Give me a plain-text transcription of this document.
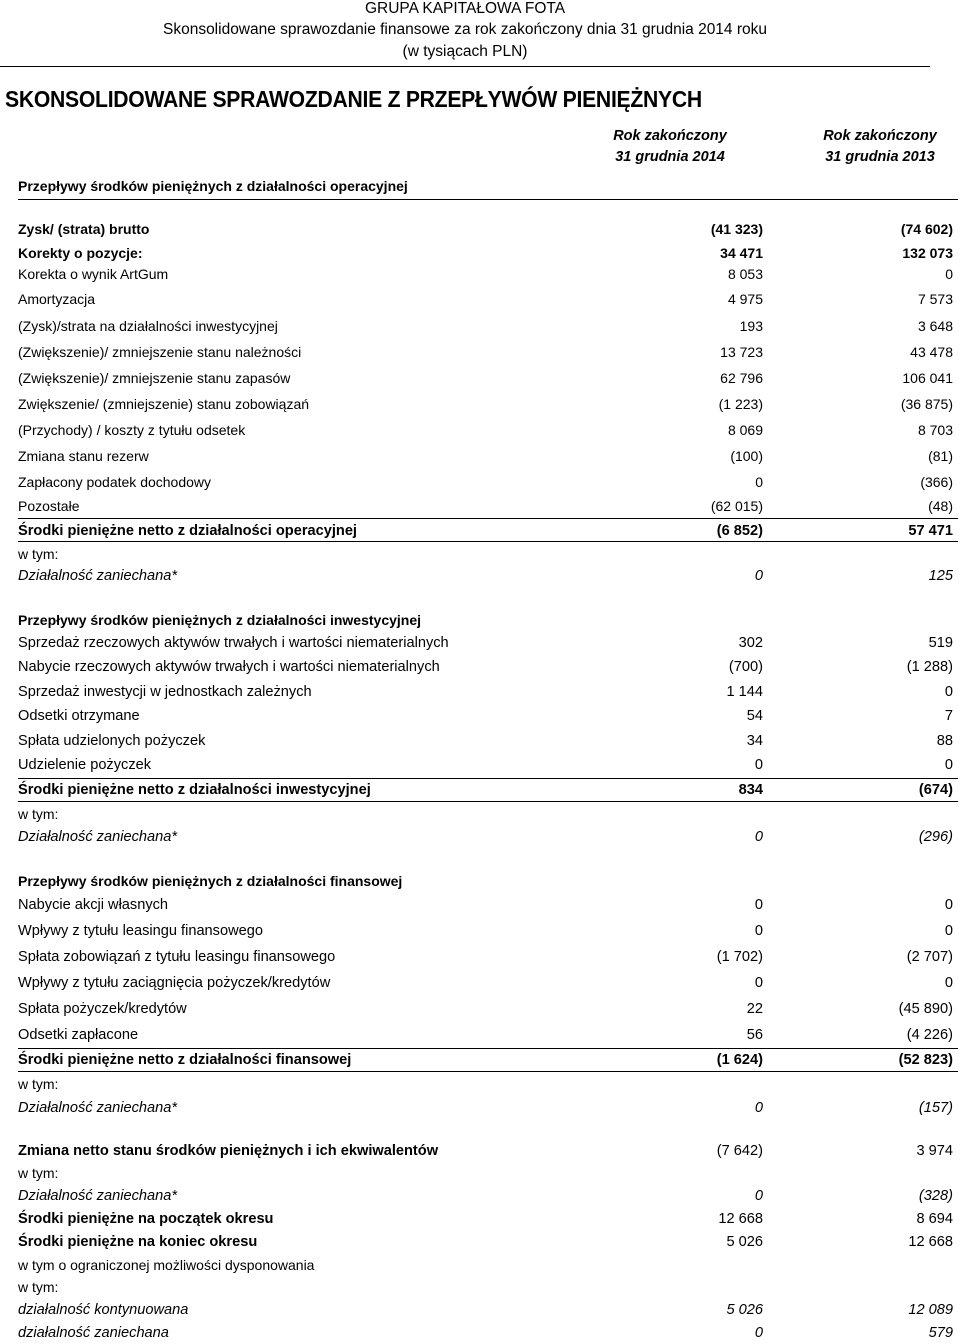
GRUPA KAPITAŁOWA FOTA
Skonsolidowane sprawozdanie finansowe za rok zakończony dnia 31 grudnia 2014 roku
(w tysiącach PLN)
SKONSOLIDOWANE SPRAWOZDANIE Z PRZEPŁYWÓW PIENIĘŻNYCH
Rok zakończony
31 grudnia 2014
Rok zakończony
31 grudnia 2013
Przepływy środków pieniężnych z działalności operacyjnej
Zysk/ (strata) brutto	(41 323)	(74 602)
Korekty o pozycje:	34 471	132 073
Korekta o wynik ArtGum	8 053	0
Amortyzacja	4 975	7 573
(Zysk)/strata na działalności inwestycyjnej	193	3 648
(Zwiększenie)/ zmniejszenie stanu należności	13 723	43 478
(Zwiększenie)/ zmniejszenie stanu zapasów	62 796	106 041
Zwiększenie/ (zmniejszenie) stanu zobowiązań	(1 223)	(36 875)
(Przychody) / koszty z tytułu odsetek	8 069	8 703
Zmiana stanu rezerw	(100)	(81)
Zapłacony podatek dochodowy	0	(366)
Pozostałe	(62 015)	(48)
Środki pieniężne netto z działalności operacyjnej	(6 852)	57 471
w tym:
Działalność zaniechana*	0	125
Przepływy środków pieniężnych z działalności inwestycyjnej
Sprzedaż rzeczowych aktywów trwałych i wartości niematerialnych	302	519
Nabycie rzeczowych aktywów trwałych i wartości niematerialnych	(700)	(1 288)
Sprzedaż inwestycji w jednostkach zależnych	1 144	0
Odsetki otrzymane	54	7
Spłata udzielonych pożyczek	34	88
Udzielenie pożyczek	0	0
Środki pieniężne netto z działalności inwestycyjnej	834	(674)
w tym:
Działalność zaniechana*	0	(296)
Przepływy środków pieniężnych z działalności finansowej
Nabycie akcji własnych	0	0
Wpływy z tytułu leasingu finansowego	0	0
Spłata zobowiązań z tytułu leasingu finansowego	(1 702)	(2 707)
Wpływy z tytułu zaciągnięcia pożyczek/kredytów	0	0
Spłata pożyczek/kredytów	22	(45 890)
Odsetki zapłacone	56	(4 226)
Środki pieniężne netto z działalności finansowej	(1 624)	(52 823)
w tym:
Działalność zaniechana*	0	(157)
Zmiana netto stanu środków pieniężnych i ich ekwiwalentów	(7 642)	3 974
w tym:
Działalność zaniechana*	0	(328)
Środki pieniężne na początek okresu	12 668	8 694
Środki pieniężne na koniec okresu	5 026	12 668
w tym o ograniczonej możliwości dysponowania
w tym:
działalność kontynuowana	5 026	12 089
działalność zaniechana	0	579
